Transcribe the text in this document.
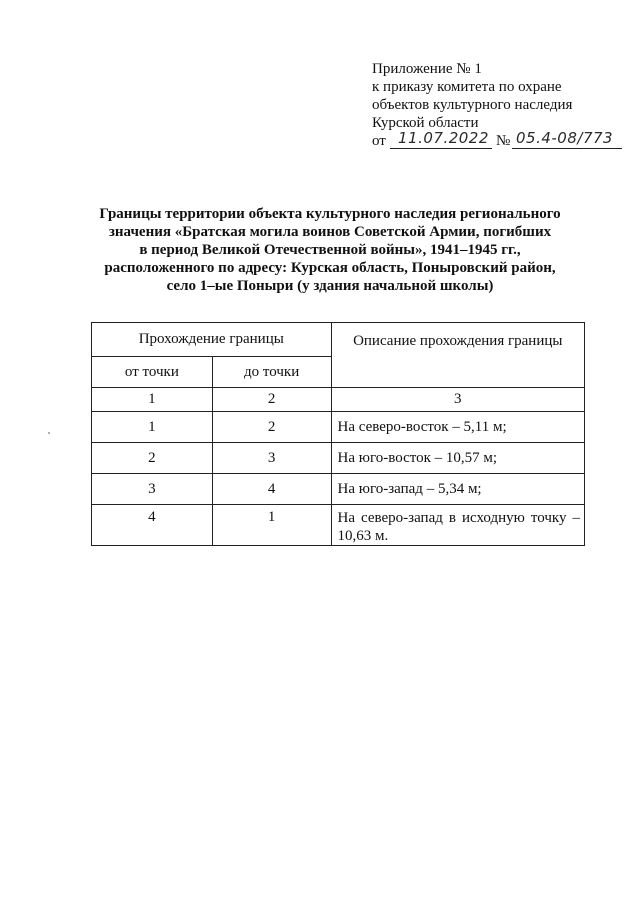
Приложение № 1
к приказу комитета по охране
объектов культурного наследия
Курской области
от 11.07.2022 № 05.4-08/773
Границы территории объекта культурного наследия регионального
значения «Братская могила воинов Советской Армии, погибших
в период Великой Отечественной войны», 1941–1945 гг.,
расположенного по адресу: Курская область, Поныровский район,
село 1–ые Поныри (у здания начальной школы)
Прохождение границы		Описание прохождения границы
от точки	до точки	
1	2	3
1	2	На северо-восток – 5,11 м;
2	3	На юго-восток – 10,57 м;
3	4	На юго-запад – 5,34 м;
4	1	На северо-запад в исходную точку – 10,63 м.
